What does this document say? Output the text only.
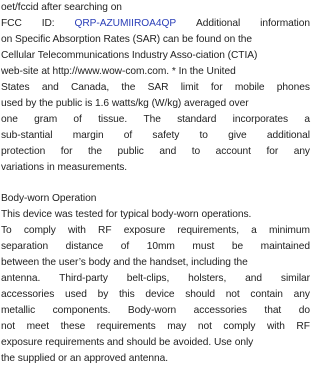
oet/fccid after searching on
FCC ID: QRP-AZUMIIROA4QP Additional information
on Specific Absorption Rates (SAR) can be found on the
Cellular Telecommunications Industry Asso-ciation (CTIA)
web-site at http://www.wow-com.com. * In the United
States and Canada, the SAR limit for mobile phones
used by the public is 1.6 watts/kg (W/kg) averaged over
one gram of tissue. The standard incorporates a
sub-stantial margin of safety to give additional
protection for the public and to account for any
variations in measurements.
Body-worn Operation
This device was tested for typical body-worn operations.
To comply with RF exposure requirements, a minimum
separation distance of 10mm must be maintained
between the user’s body and the handset, including the
antenna. Third-party belt-clips, holsters, and similar
accessories used by this device should not contain any
metallic components. Body-worn accessories that do
not meet these requirements may not comply with RF
exposure requirements and should be avoided. Use only
the supplied or an approved antenna.
